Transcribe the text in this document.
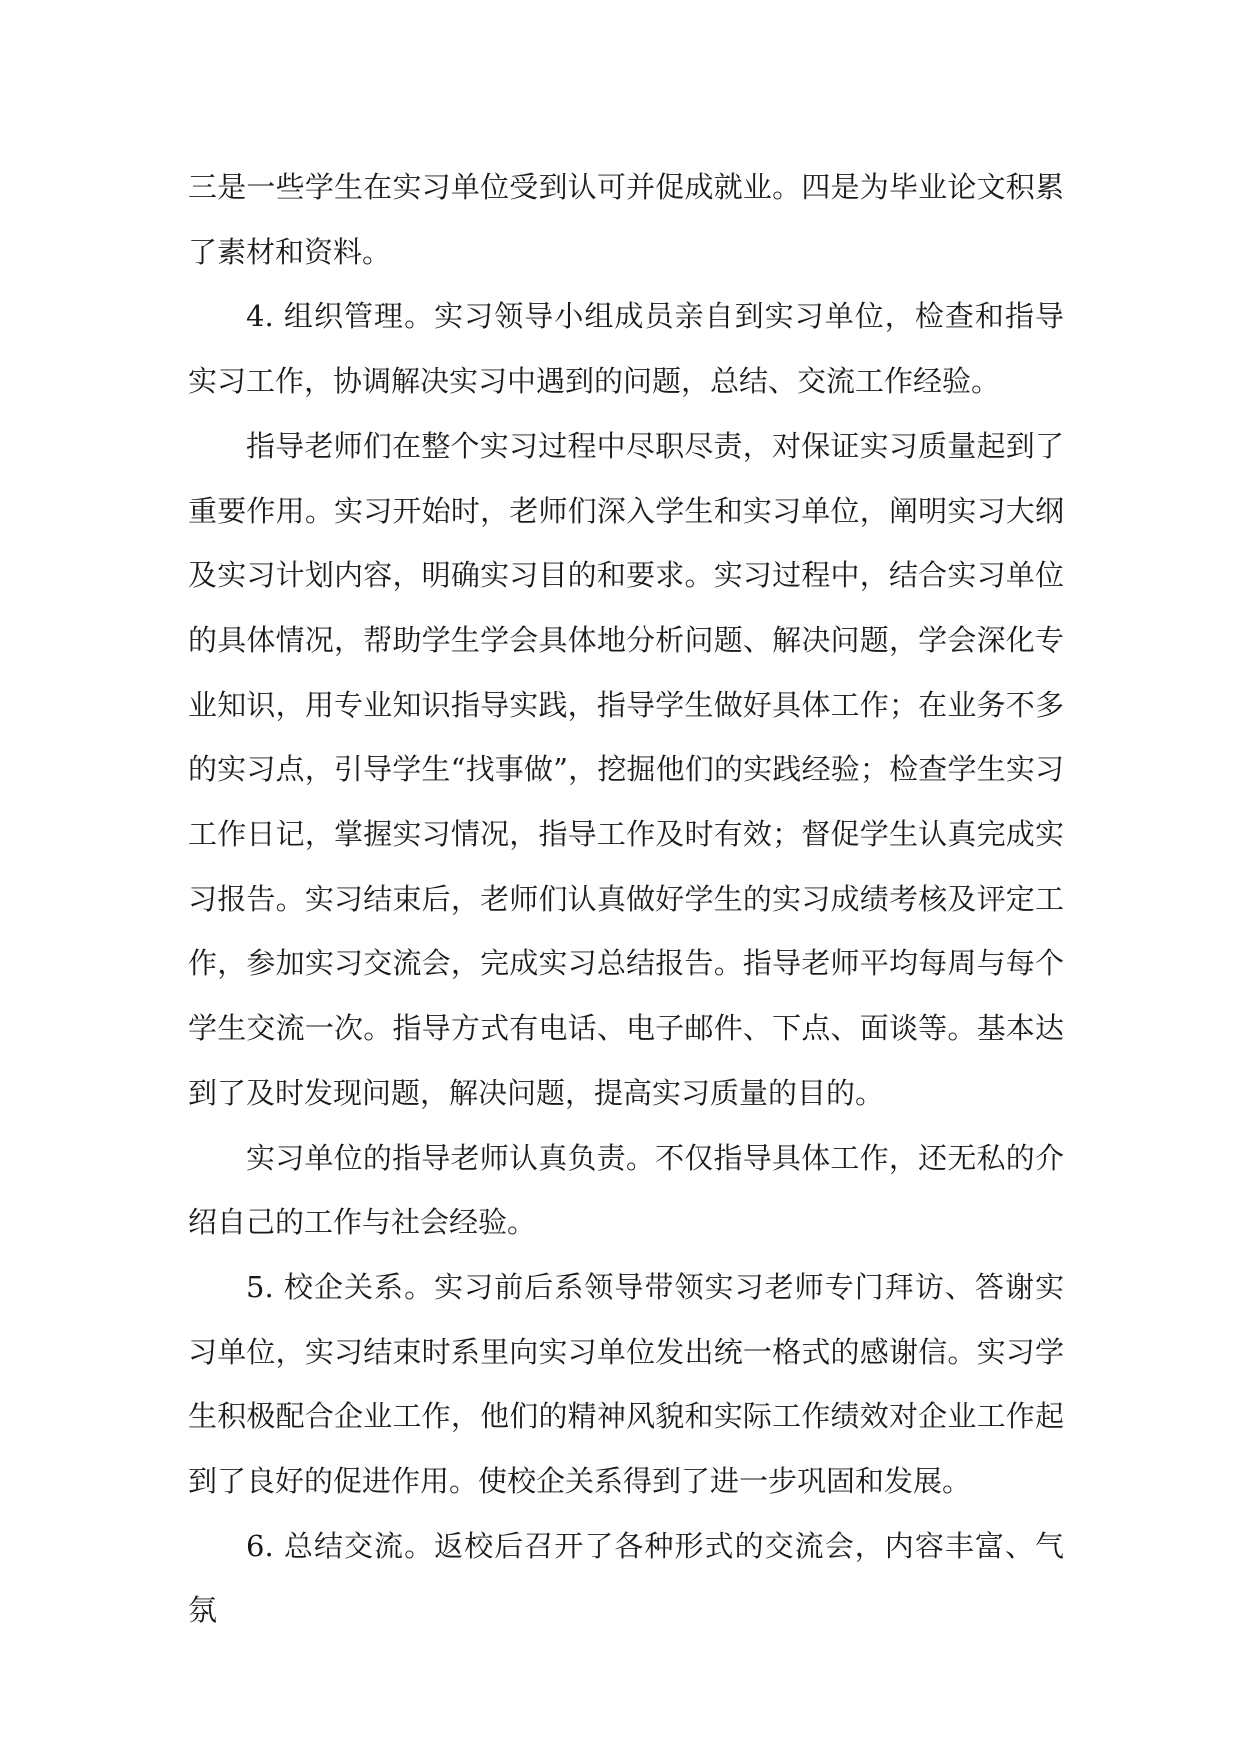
三是一些学生在实习单位受到认可并促成就业。四是为毕业论文积累了素材和资料。

4. 组织管理。实习领导小组成员亲自到实习单位，检查和指导实习工作，协调解决实习中遇到的问题，总结、交流工作经验。

指导老师们在整个实习过程中尽职尽责，对保证实习质量起到了重要作用。实习开始时，老师们深入学生和实习单位，阐明实习大纲及实习计划内容，明确实习目的和要求。实习过程中，结合实习单位的具体情况，帮助学生学会具体地分析问题、解决问题，学会深化专业知识，用专业知识指导实践，指导学生做好具体工作；在业务不多的实习点，引导学生“找事做”，挖掘他们的实践经验；检查学生实习工作日记，掌握实习情况，指导工作及时有效；督促学生认真完成实习报告。实习结束后，老师们认真做好学生的实习成绩考核及评定工作，参加实习交流会，完成实习总结报告。指导老师平均每周与每个学生交流一次。指导方式有电话、电子邮件、下点、面谈等。基本达到了及时发现问题，解决问题，提高实习质量的目的。

实习单位的指导老师认真负责。不仅指导具体工作，还无私的介绍自己的工作与社会经验。

5. 校企关系。实习前后系领导带领实习老师专门拜访、答谢实习单位，实习结束时系里向实习单位发出统一格式的感谢信。实习学生积极配合企业工作，他们的精神风貌和实际工作绩效对企业工作起到了良好的促进作用。使校企关系得到了进一步巩固和发展。

6. 总结交流。返校后召开了各种形式的交流会，内容丰富、气氛
